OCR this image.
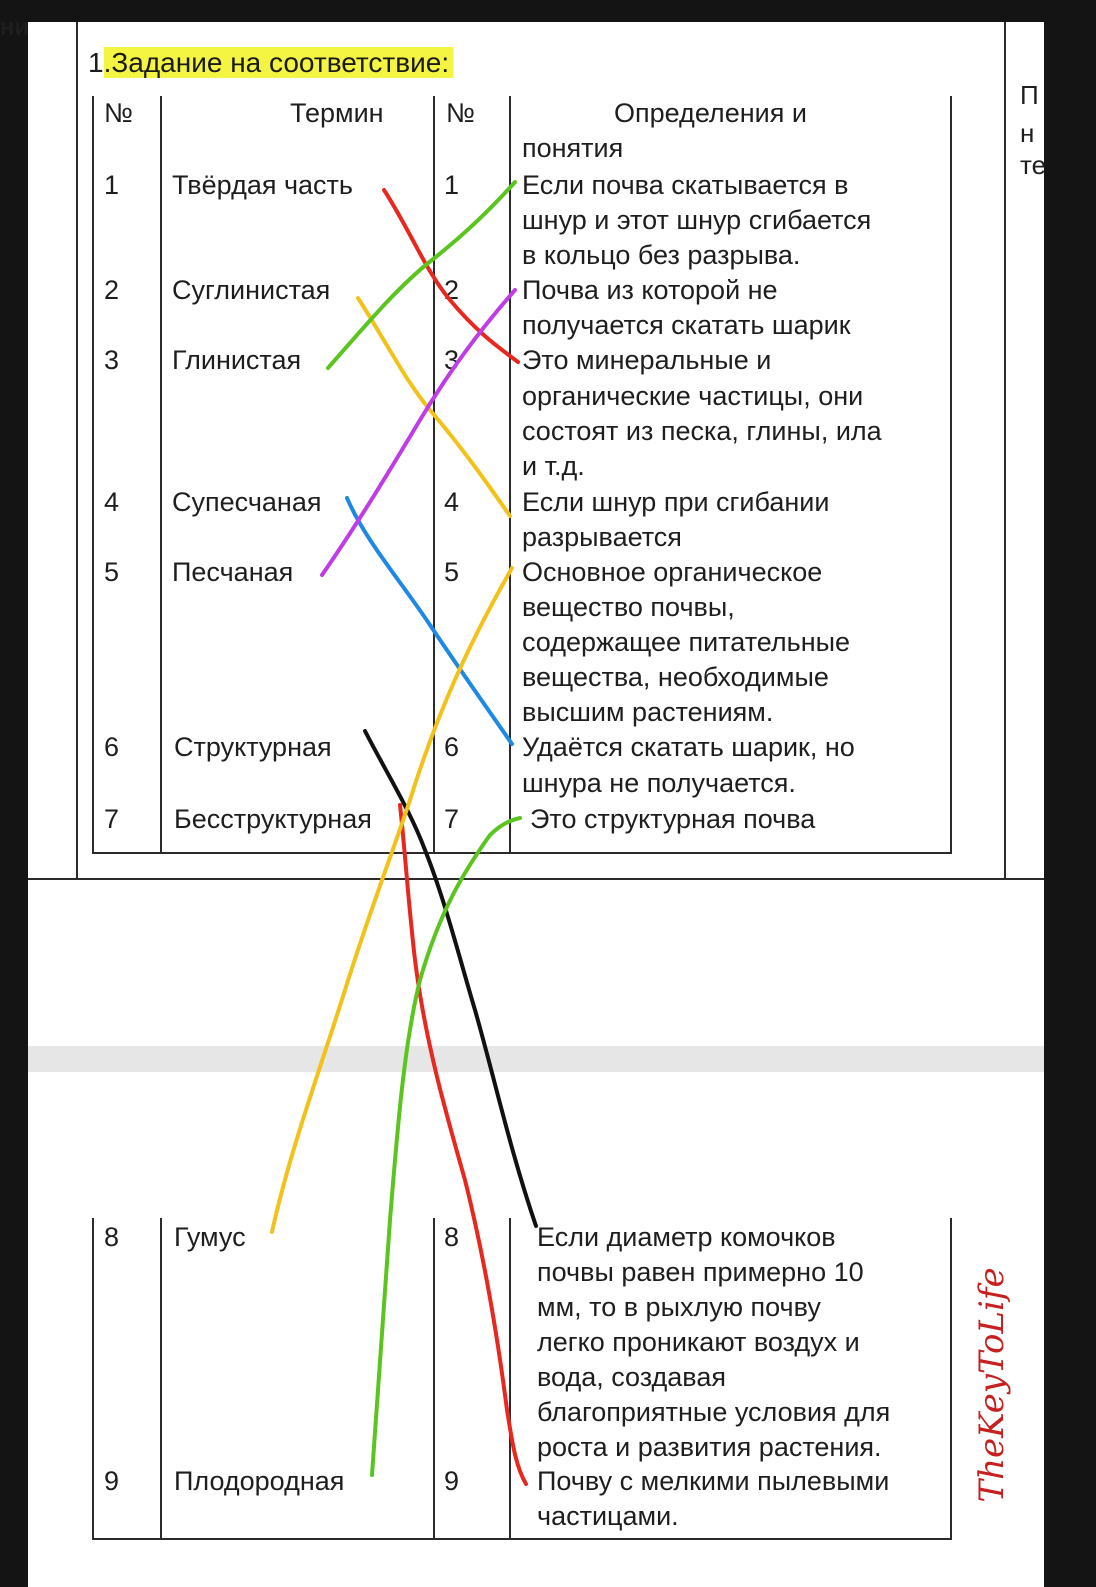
ни
П
н
те
1.Задание на соответствие:
№	Термин №	Определения и
понятия
1 Твёрдая часть
2 Суглинистая
3 Глинистая
4 Супесчаная
5 Песчаная
6 Структурная
7 Бесструктурная
8 Гумус
9 Плодородная
1
2
3
4
5
6
7
8
9
Если почва скатывается в
шнур и этот шнур сгибается
в кольцо без разрыва.
Почва из которой не
получается скатать шарик
Это минеральные и
органические частицы, они
состоят из песка, глины, ила
и т.д.
Если шнур при сгибании
разрывается
Основное органическое
вещество почвы,
содержащее питательные
вещества, необходимые
высшим растениям.
Удаётся скатать шарик, но
шнура не получается.
Это структурная почва
Если диаметр комочков
почвы равен примерно 10
мм, то в рыхлую почву
легко проникают воздух и
вода, создавая
благоприятные условия для
роста и развития растения.
Почву с мелкими пылевыми
частицами.
TheKeyToLife
